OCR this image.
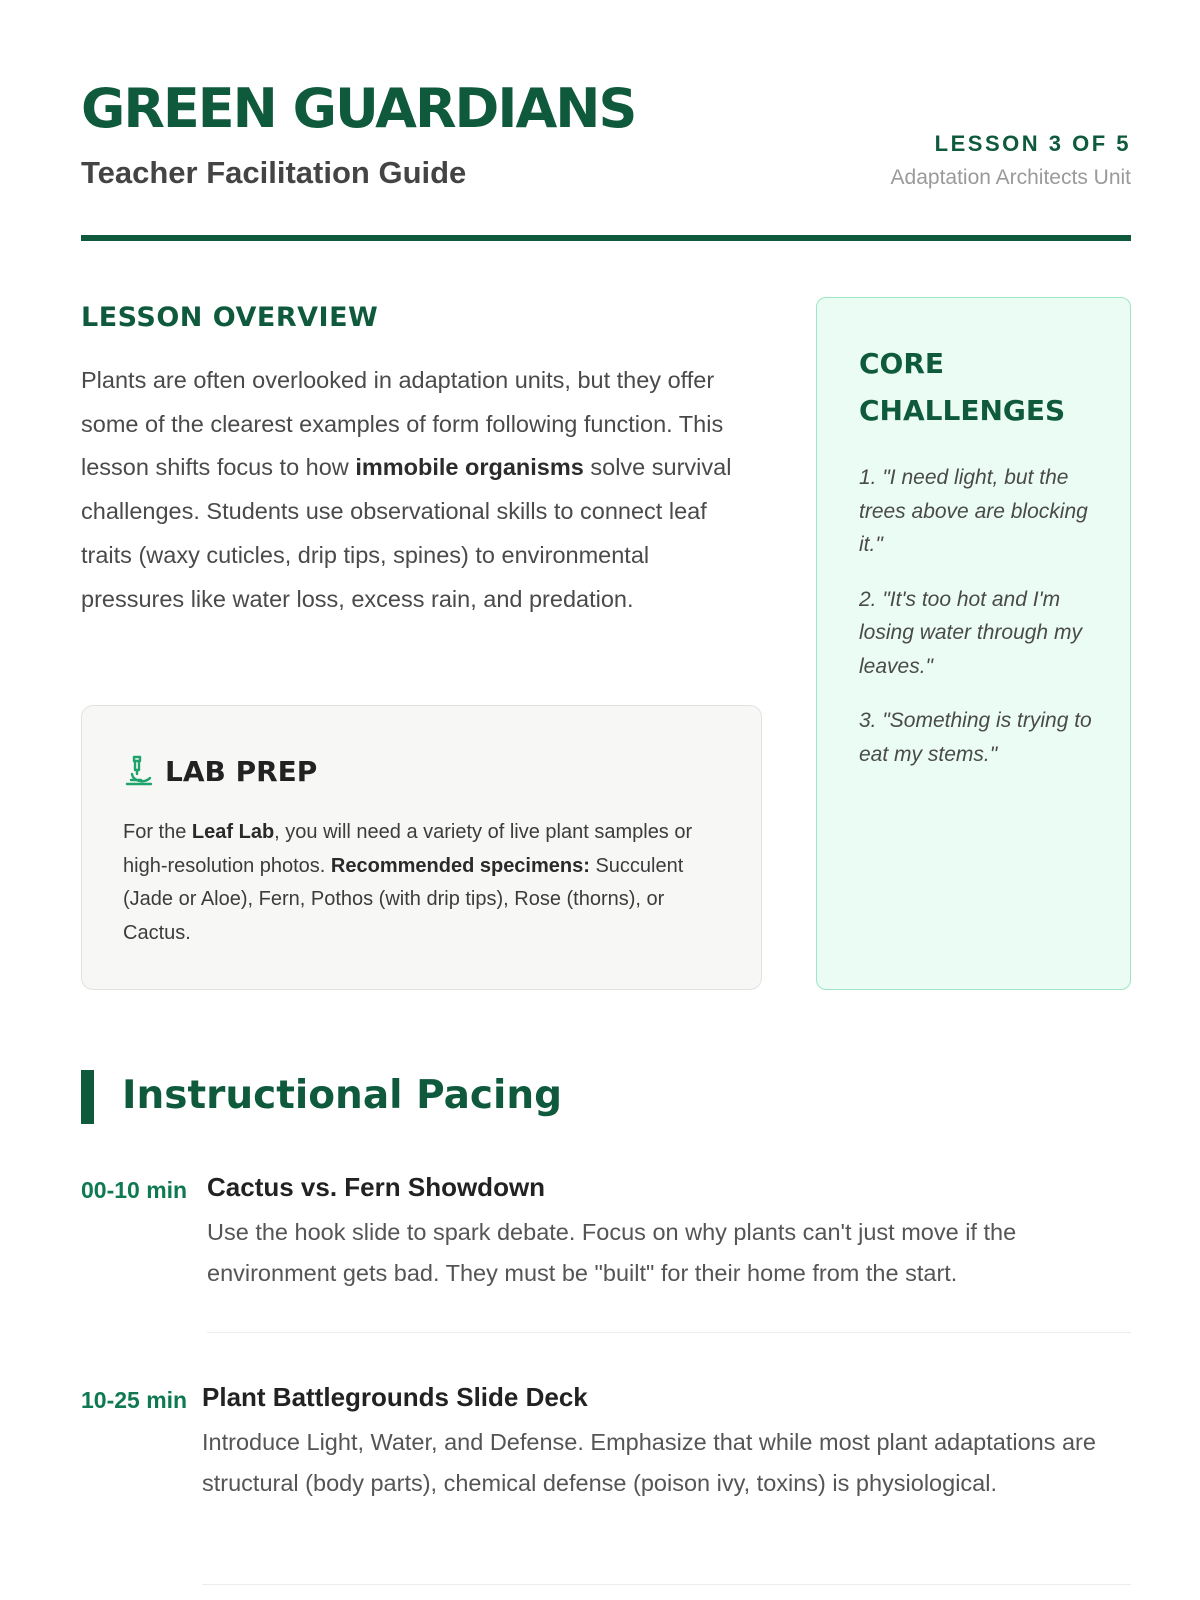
GREEN GUARDIANS
Teacher Facilitation Guide
LESSON 3 OF 5
Adaptation Architects Unit
LESSON OVERVIEW

Plants are often overlooked in adaptation units, but they offer some of the clearest examples of form following function. This lesson shifts focus to how immobile organisms solve survival challenges. Students use observational skills to connect leaf traits (waxy cuticles, drip tips, spines) to environmental pressures like water loss, excess rain, and predation.

LAB PREP

For the Leaf Lab, you will need a variety of live plant samples or high-resolution photos. Recommended specimens: Succulent (Jade or Aloe), Fern, Pothos (with drip tips), Rose (thorns), or Cactus.

CORE CHALLENGES
1. "I need light, but the trees above are blocking it."
2. "It's too hot and I'm losing water through my leaves."
3. "Something is trying to eat my stems."
Instructional Pacing
00-10 min Cactus vs. Fern Showdown
Use the hook slide to spark debate. Focus on why plants can't just move if the environment gets bad. They must be "built" for their home from the start.
10-25 min Plant Battlegrounds Slide Deck
Introduce Light, Water, and Defense. Emphasize that while most plant adaptations are structural (body parts), chemical defense (poison ivy, toxins) is physiological.
